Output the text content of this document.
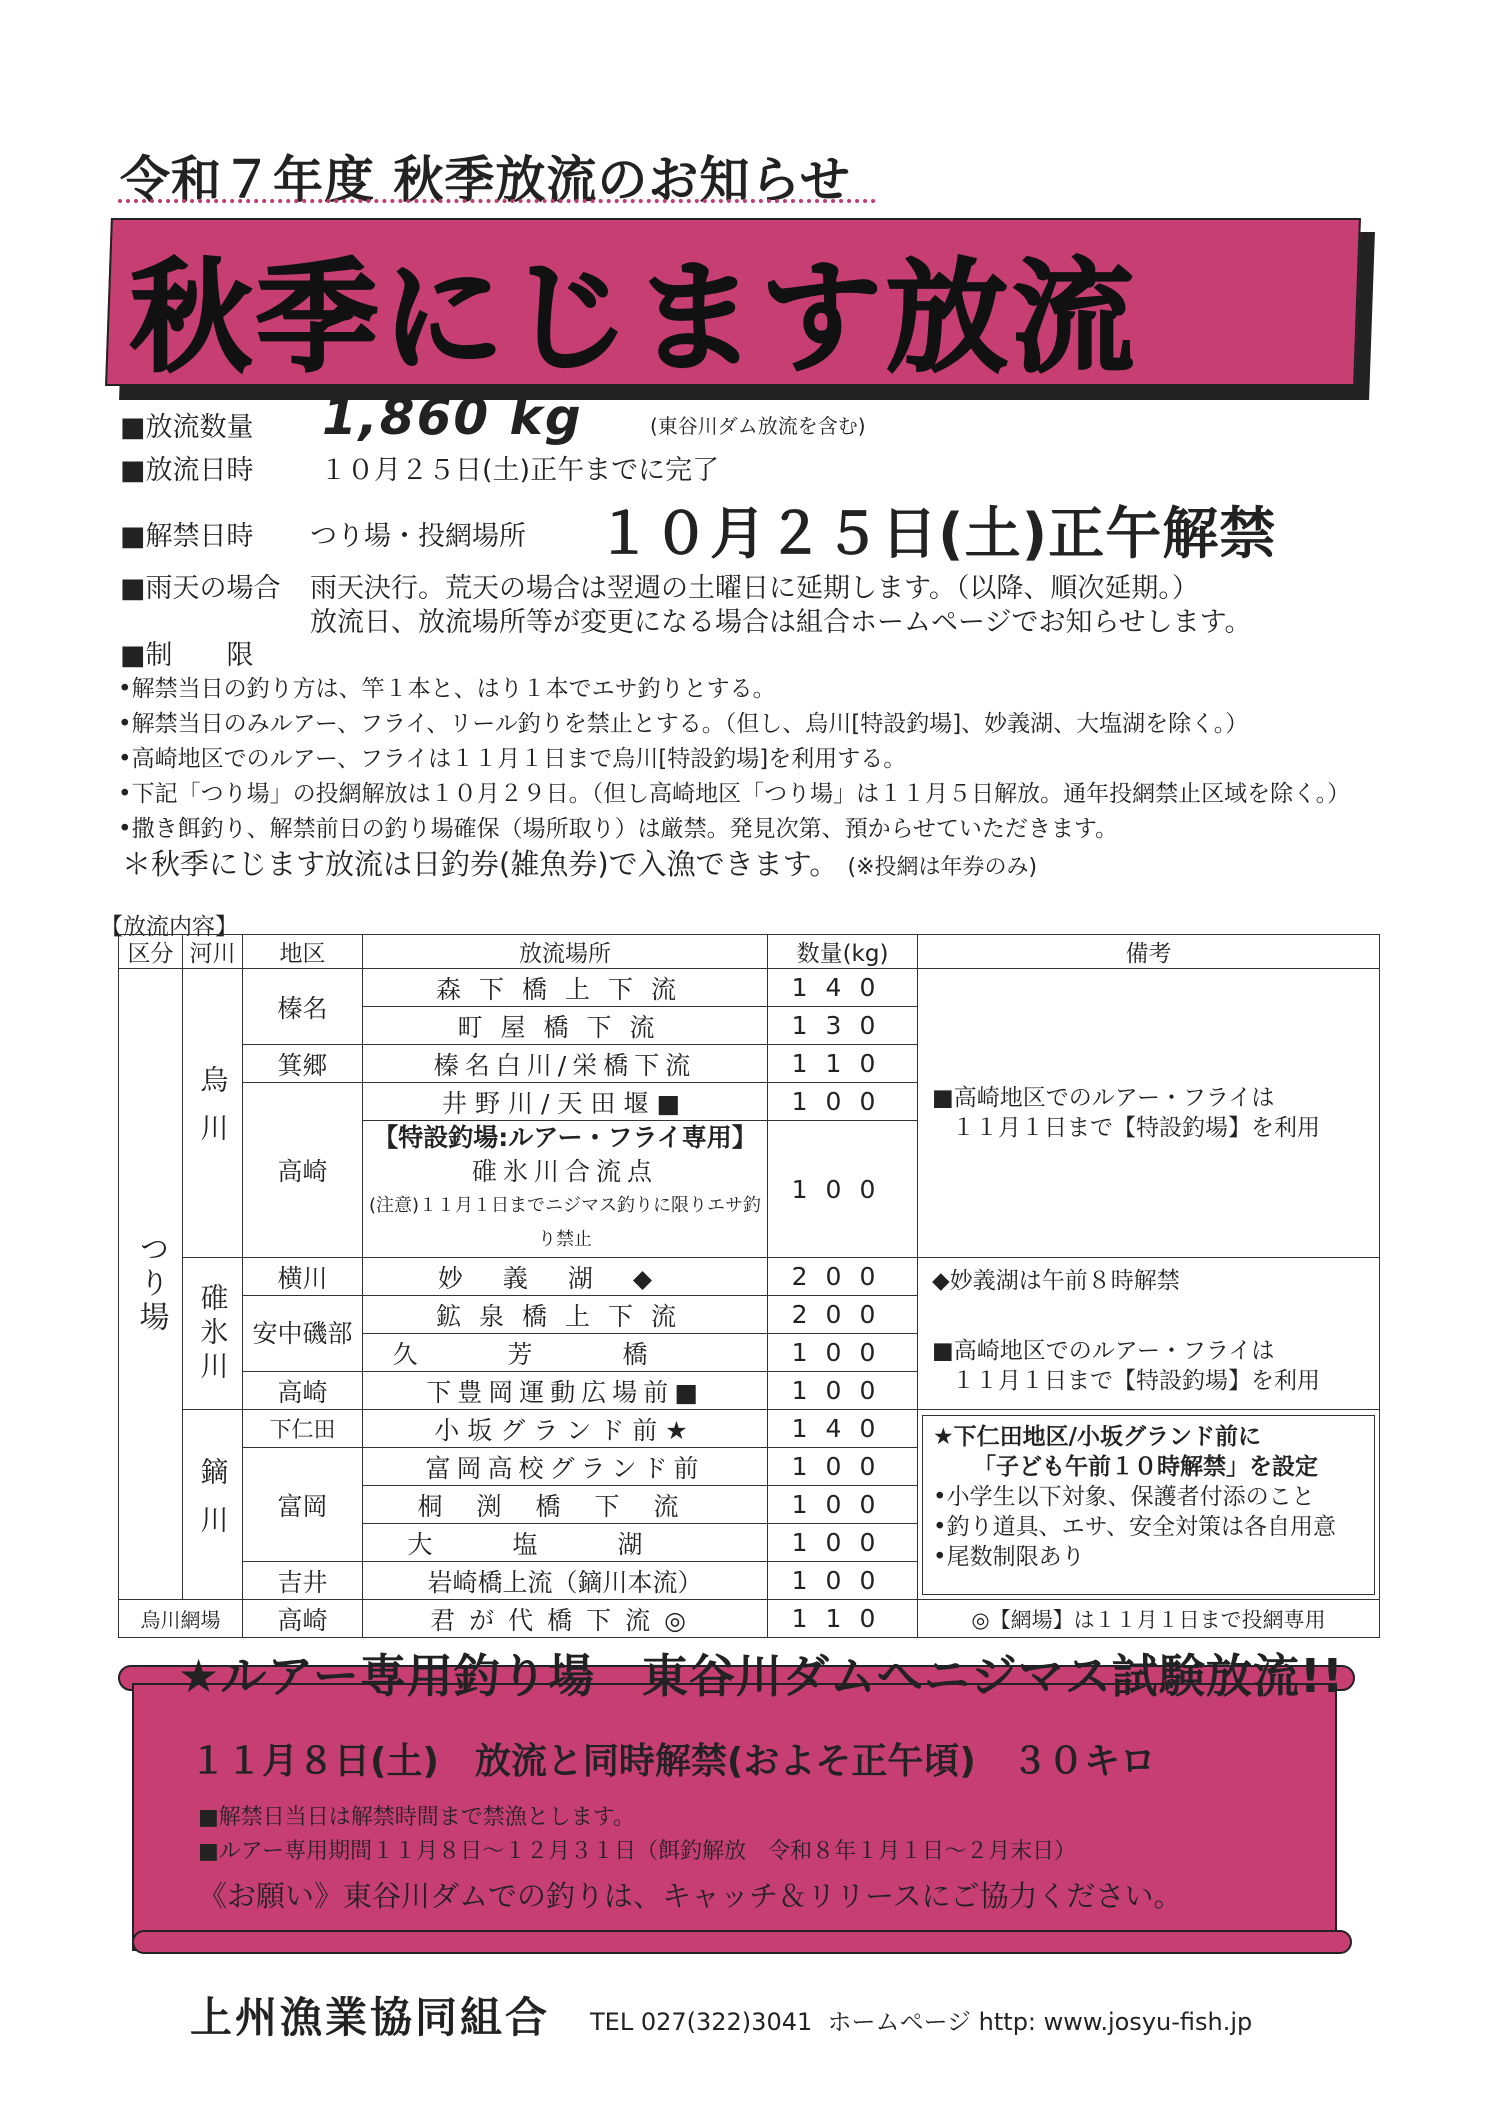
令和７年度 秋季放流のお知らせ
秋季にじます放流
■放流数量	1,860 kg	(東谷川ダム放流を含む)
■放流日時 １０月２５日(土)正午までに完了
■解禁日時 つり場・投網場所 １０月２５日(土)正午解禁
■雨天の場合 雨天決行。荒天の場合は翌週の土曜日に延期します。（以降、順次延期。）
放流日、放流場所等が変更になる場合は組合ホームページでお知らせします。
■制　　限
•解禁当日の釣り方は、竿１本と、はり１本でエサ釣りとする。
•解禁当日のみルアー、フライ、リール釣りを禁止とする。（但し、烏川[特設釣場]、妙義湖、大塩湖を除く。）
•高崎地区でのルアー、フライは１１月１日まで烏川[特設釣場]を利用する。
•下記「つり場」の投網解放は１０月２９日。（但し高崎地区「つり場」は１１月５日解放。通年投網禁止区域を除く。）
•撒き餌釣り、解禁前日の釣り場確保（場所取り）は厳禁。発見次第、預からせていただきます。
＊秋季にじます放流は日釣券(雑魚券)で入漁できます。 (※投網は年券のみ)
【放流内容】
区分	河川	地区	放流場所	数量(kg)	備考
つり場	烏川	榛名	森下橋上下流	140	■高崎地区でのルアー・フライは
１１月１日まで【特設釣場】を利用

			町屋橋下流	130	
		箕郷	榛名白川/栄橋下流	110	
		高崎	井野川/天田堰■	100	

			【特設釣場:ルアー・フライ専用】
碓氷川合流点
(注意)１１月１日までニジマス釣りに限りエサ釣り禁止	100	
	碓氷川	横川	妙義湖◆	200	◆妙義湖は午前８時解禁
■高崎地区でのルアー・フライは
１１月１日まで【特設釣場】を利用

		安中磯部	鉱泉橋上下流	200	
			久芳橋	100	
		高崎	下豊岡運動広場前■	100	
	鏑川	下仁田	小坂グランド前★	140	★下仁田地区/小坂グランド前に
「子ども午前１０時解禁」を設定
•小学生以下対象、保護者付添のこと
•釣り道具、エサ、安全対策は各自用意
•尾数制限あり

		富岡	富岡高校グランド前	100	
			桐渕橋下流	100	
			大塩湖	100	
		吉井	岩崎橋上流（鏑川本流）	100	
烏川網場		高崎	君が代橋下流◎	110	◎【網場】は１１月１日まで投網専用
★ルアー専用釣り場　東谷川ダムへニジマス試験放流!!
１１月８日(土)　放流と同時解禁(およそ正午頃)　３０キロ
■解禁日当日は解禁時間まで禁漁とします。
■ルアー専用期間１１月８日～１２月３１日（餌釣解放　令和８年１月１日～２月末日）
《お願い》東谷川ダムでの釣りは、キャッチ＆リリースにご協力ください。
上州漁業協同組合 TEL 027(322)3041 ホームページ http: www.josyu-fish.jp
